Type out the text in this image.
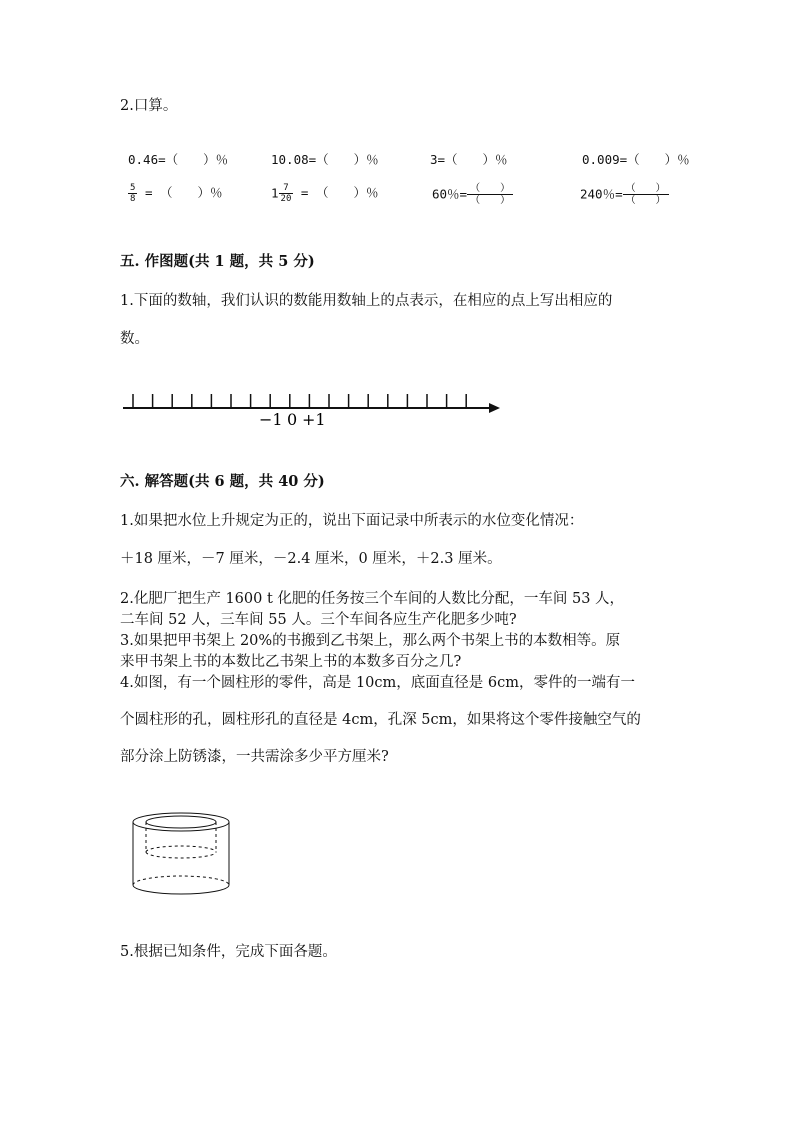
2.口算。
0.46=（　　）％	10.08=（　　）％	3=（　　）％	0.009=（　　）％
$\frac{5}{8}$ = （　　）％	$1 \frac{7}{20}$ = （　　）％	60％= $\frac{( )}{( )}$	240％= $\frac{( )}{( )}$
五. 作图题(共 1 题，共 5 分)
1.下面的数轴，我们认识的数能用数轴上的点表示，在相应的点上写出相应的
数。
−1 0 +1
六. 解答题(共 6 题，共 40 分)
1.如果把水位上升规定为正的，说出下面记录中所表示的水位变化情况：
＋18 厘米，－7 厘米，－2.4 厘米，0 厘米，＋2.3 厘米。
2.化肥厂把生产 1600 t 化肥的任务按三个车间的人数比分配，一车间 53 人，
二车间 52 人，三车间 55 人。三个车间各应生产化肥多少吨?
3.如果把甲书架上 20%的书搬到乙书架上，那么两个书架上书的本数相等。原
来甲书架上书的本数比乙书架上书的本数多百分之几?
4.如图，有一个圆柱形的零件，高是 10cm，底面直径是 6cm，零件的一端有一
个圆柱形的孔，圆柱形孔的直径是 4cm，孔深 5cm，如果将这个零件接触空气的
部分涂上防锈漆，一共需涂多少平方厘米?
5.根据已知条件，完成下面各题。
